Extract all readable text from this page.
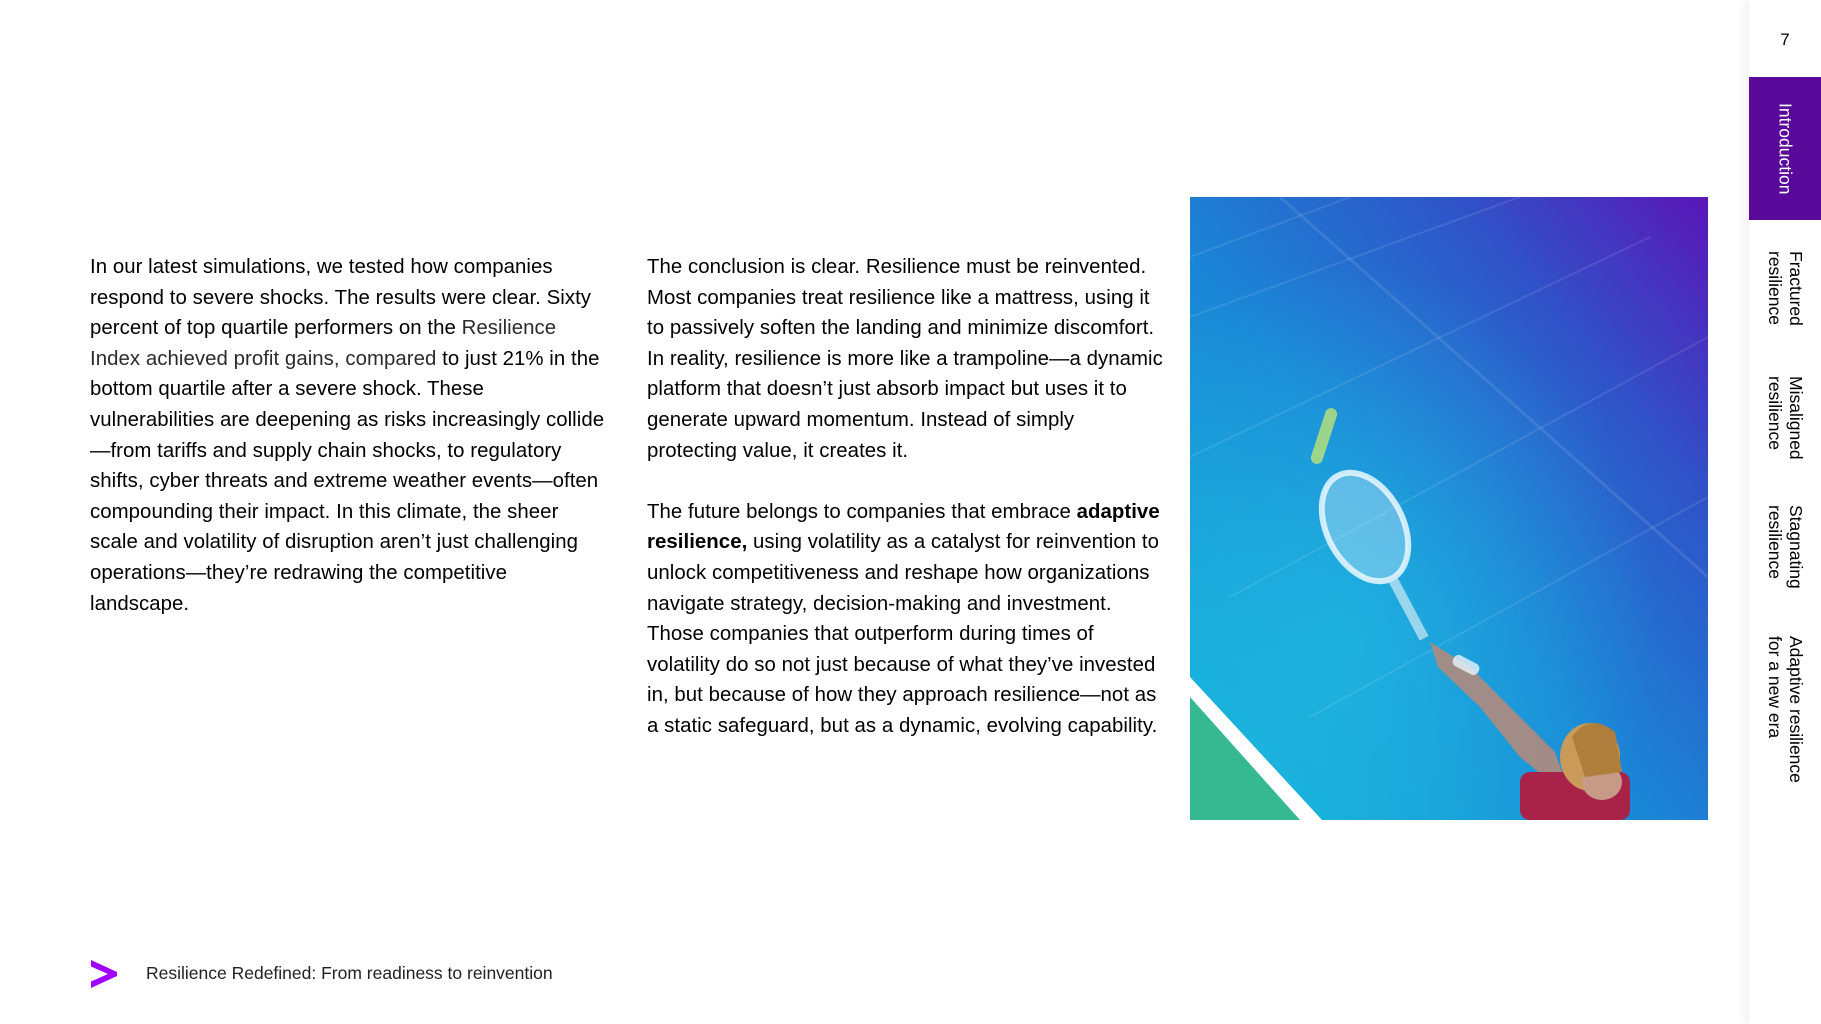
In our latest simulations, we tested how companies respond to severe shocks. The results were clear. Sixty percent of top quartile performers on the Resilience Index achieved profit gains, compared to just 21% in the bottom quartile after a severe shock. These vulnerabilities are deepening as risks increasingly collide—from tariffs and supply chain shocks, to regulatory shifts, cyber threats and extreme weather events—often compounding their impact. In this climate, the sheer scale and volatility of disruption aren’t just challenging operations—they’re redrawing the competitive landscape.

The conclusion is clear. Resilience must be reinvented. Most companies treat resilience like a mattress, using it to passively soften the landing and minimize discomfort. In reality, resilience is more like a trampoline—a dynamic platform that doesn’t just absorb impact but uses it to generate upward momentum. Instead of simply protecting value, it creates it.

The future belongs to companies that embrace adaptive resilience, using volatility as a catalyst for reinvention to unlock competitiveness and reshape how organizations navigate strategy, decision-making and investment. Those companies that outperform during times of volatility do so not just because of what they’ve invested in, but because of how they approach resilience—not as a static safeguard, but as a dynamic, evolving capability.

Resilience Redefined: From readiness to reinvention
7
Introduction
Fractured
resilience
Misaligned
resilience
Stagnating
resilience
Adaptive resilience
for a new era
